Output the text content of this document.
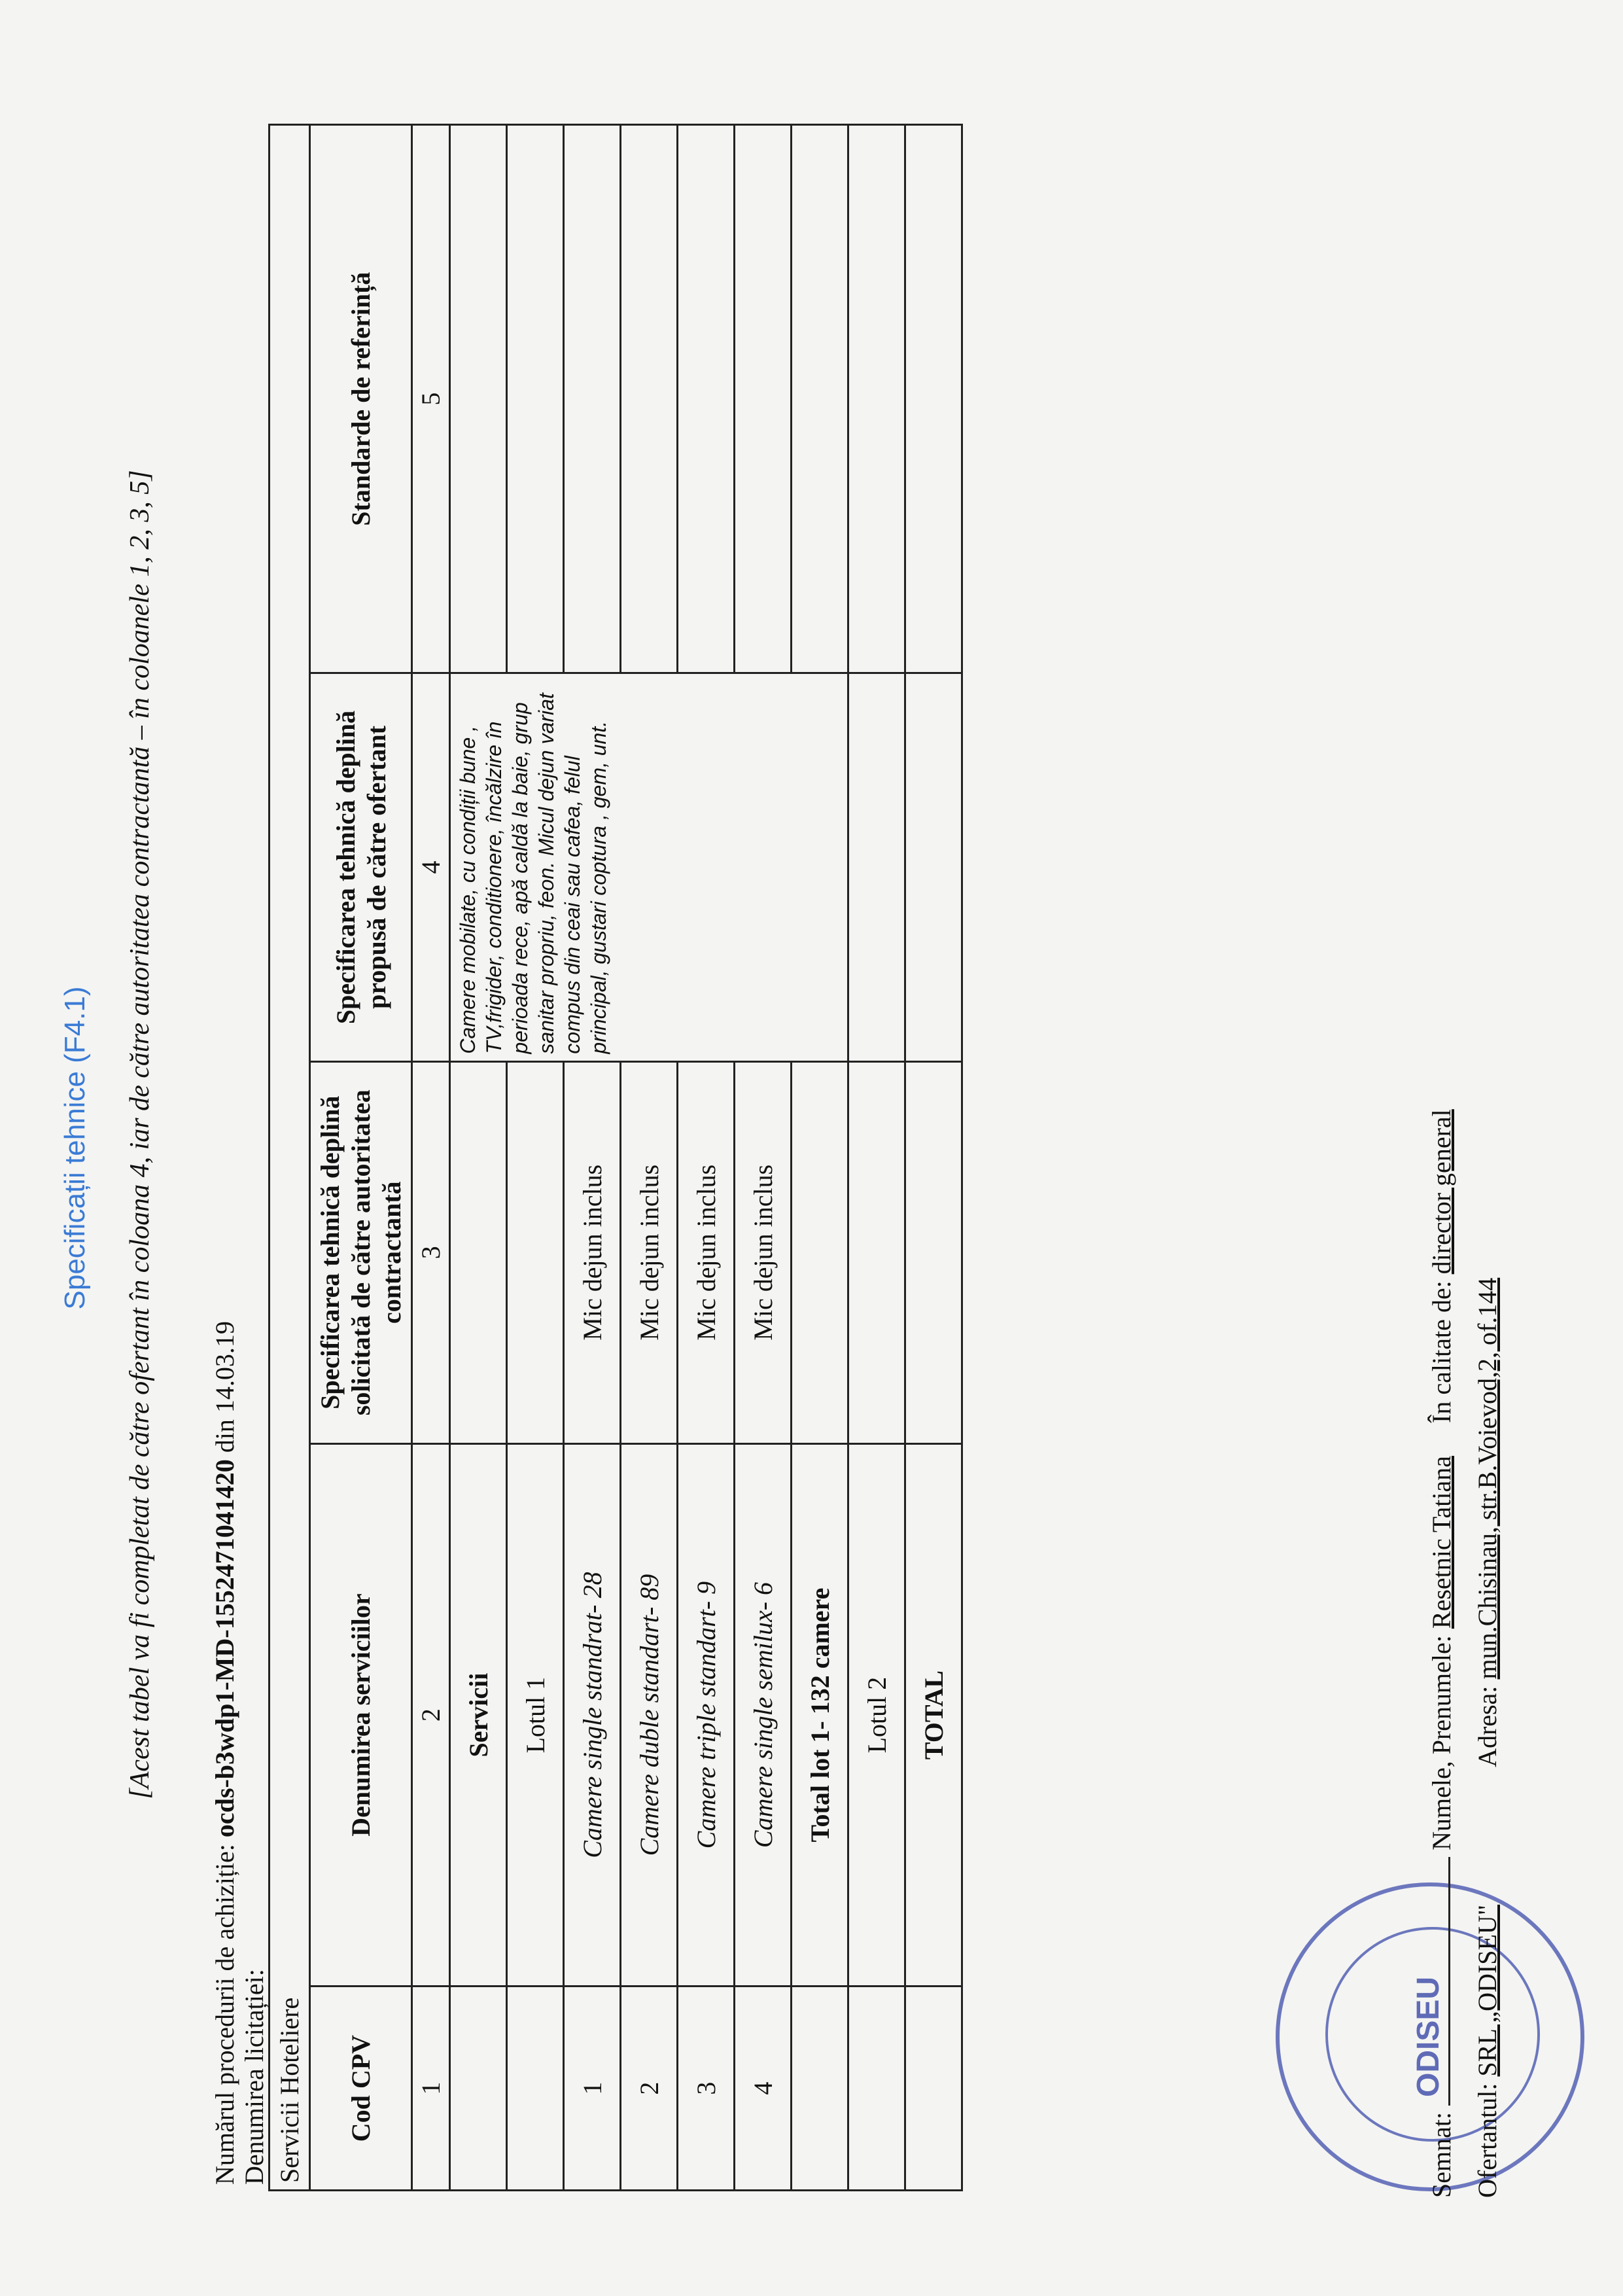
Specificații tehnice (F4.1) [Acest tabel va fi completat de către ofertant în coloana 4, iar de către autoritatea contractantă – în coloanele 1, 2, 3, 5]
Numărul procedurii de achiziție: ocds-b3wdp1-MD-1552471041420 din 14.03.19
Denumirea licitației: Servicii Hoteliere				
Cod CPV	Denumirea serviciilor	Specificarea tehnică deplină solicitată de către autoritatea contractantă	Specificarea tehnică deplină propusă de către ofertant	Standarde de referință
1	2	3	4	5
	Servicii		Camere mobilate, cu condiții bune , TV,frigider, conditionere, încălzire în perioada rece, apă caldă la baie, grup sanitar propriu, feon. Micul dejun variat compus din ceai sau cafea, felul principal, gustari coptura , gem, unt.	
	Lotul 1			
1	Camere single standrat- 28	Mic dejun inclus		
2	Camere duble standart- 89	Mic dejun inclus		
3	Camere triple standart- 9	Mic dejun inclus		
4	Camere single semilux- 6	Mic dejun inclus		
	Total lot 1- 132 camere			
	Lotul 2			
	TOTAL			
ODISEU
Semnat:  Numele, Prenumele: Resetnic Tatiana În calitate de: director general
Ofertantul: SRL „ODISEU" Adresa: mun.Chisinau, str.B.Voievod,2, of.144
